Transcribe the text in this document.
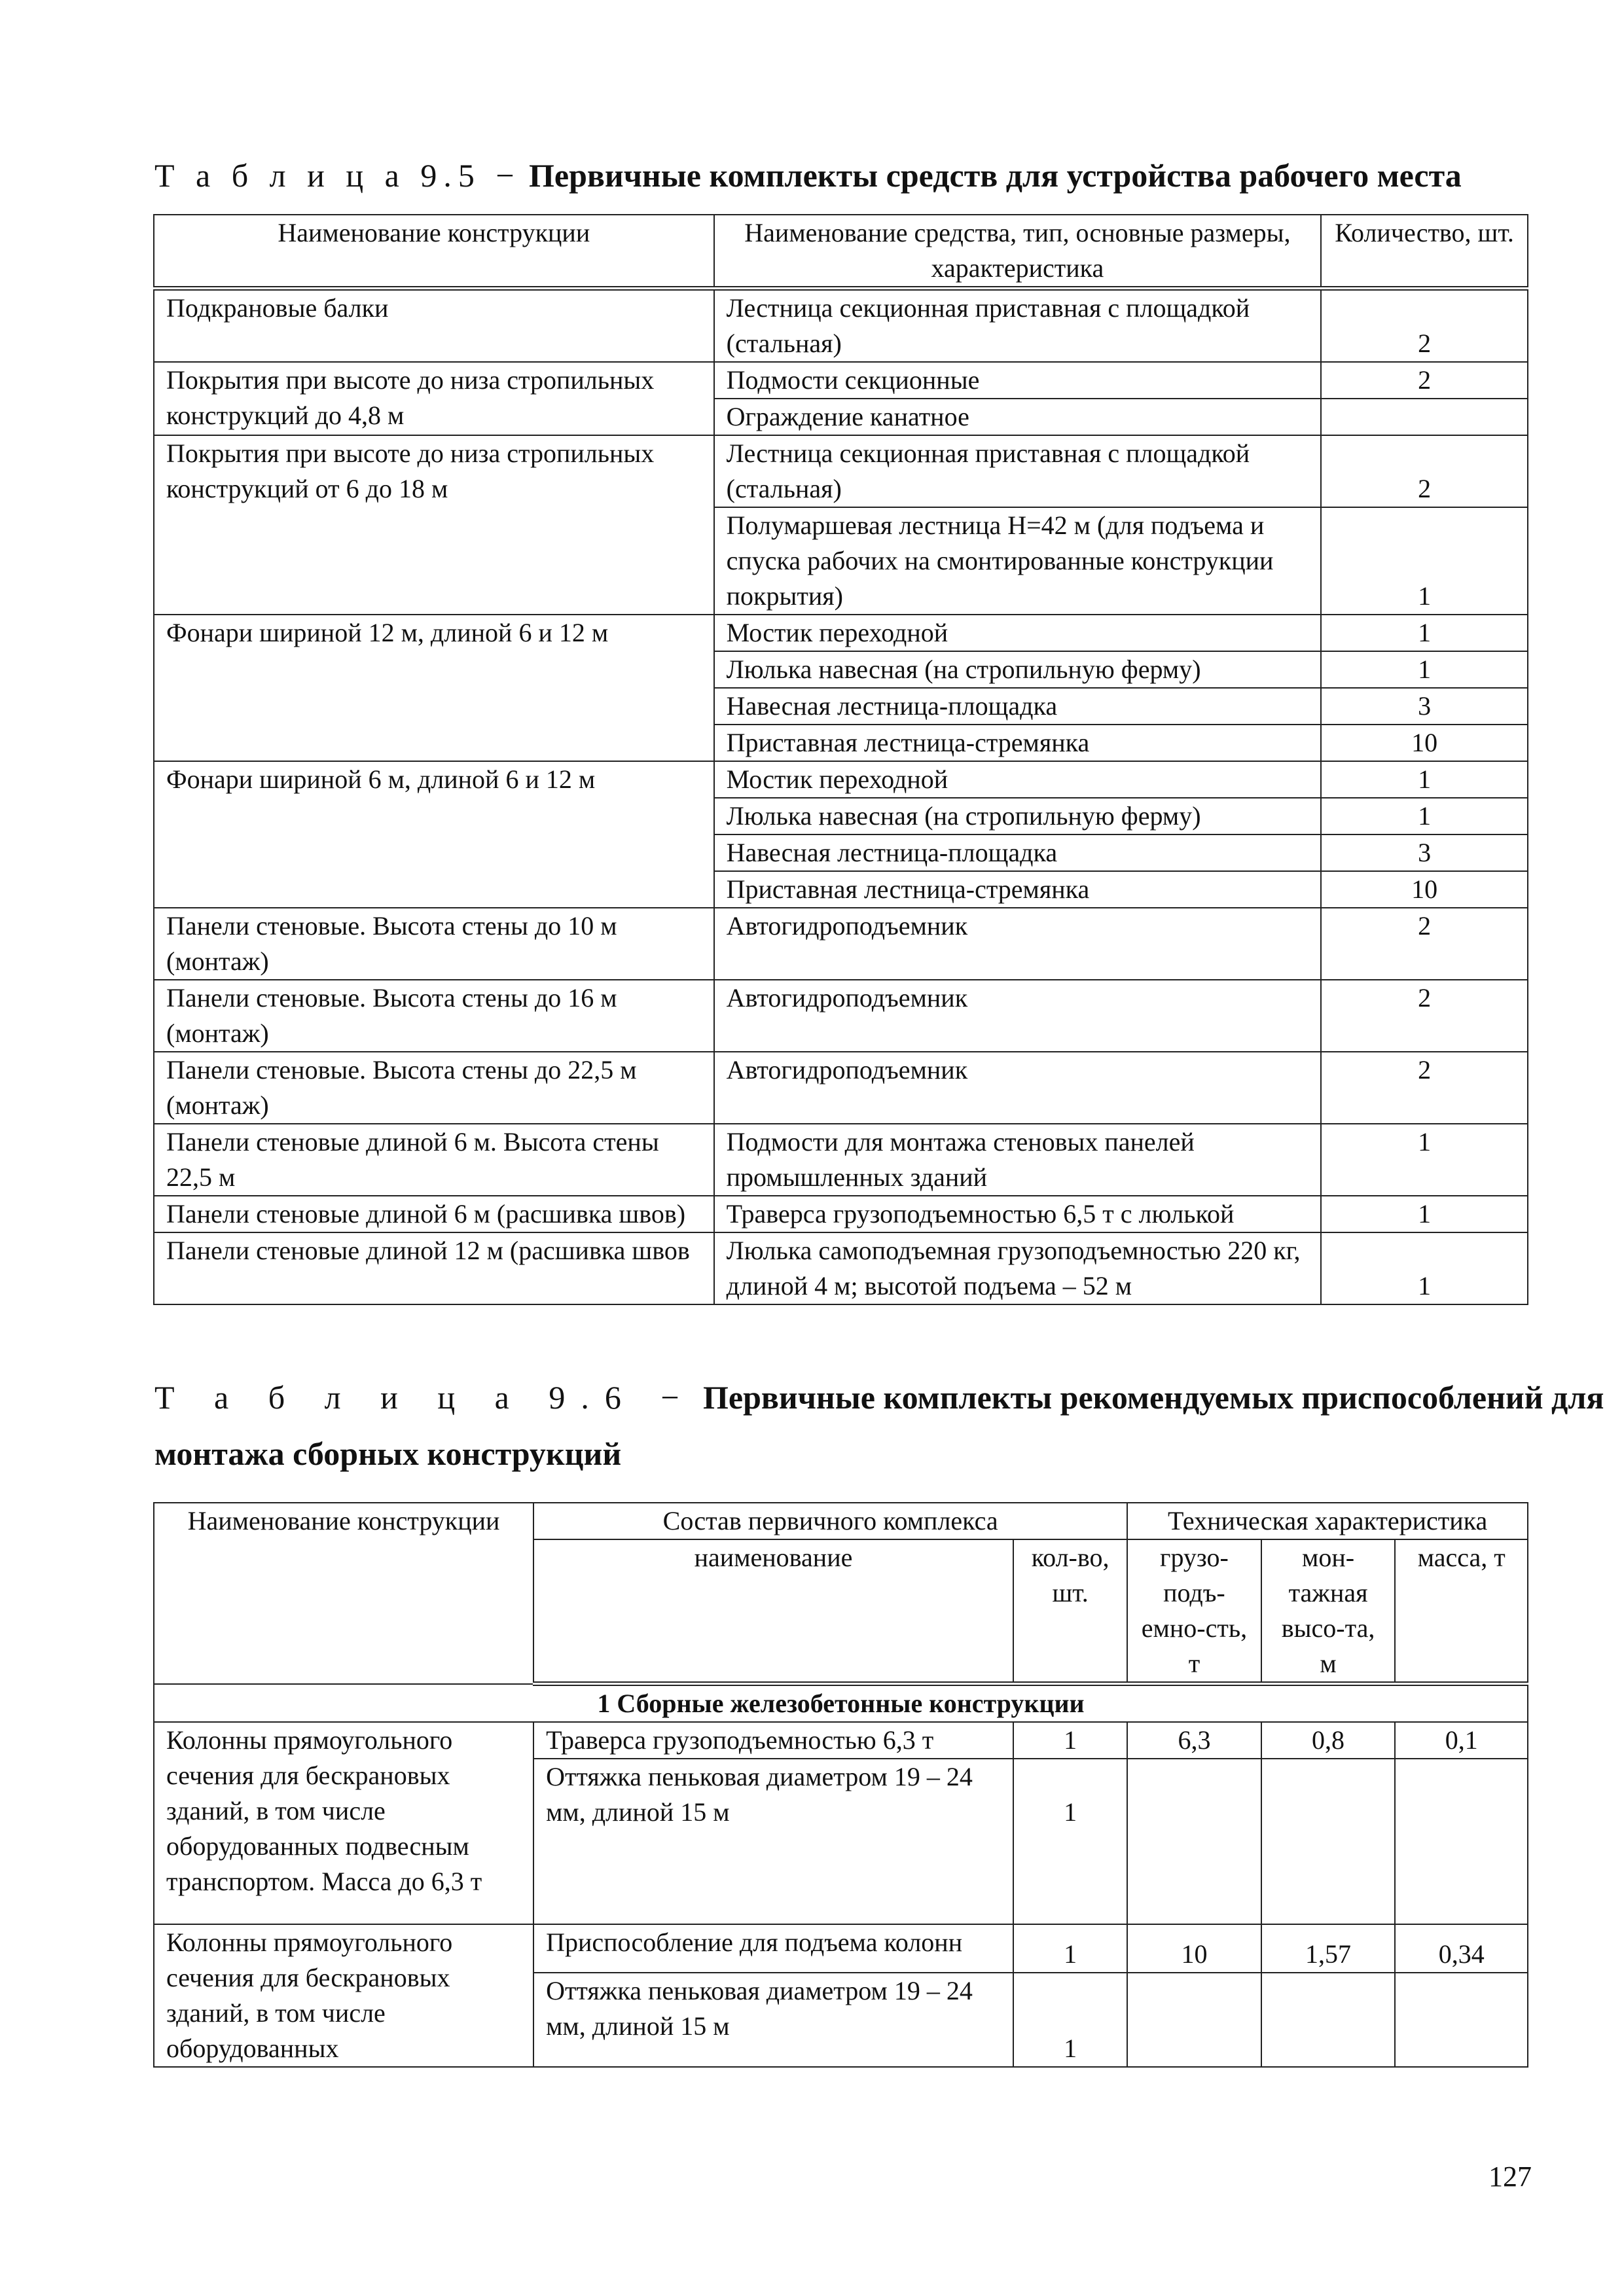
Т а б л и ц а 9.5 − Первичные комплекты средств для устройства рабочего места
Наименование конструкции	Наименование средства, тип, основные размеры, характеристика	Количество, шт.
Подкрановые балки	Лестница секционная приставная с площадкой (стальная)	2
Покрытия при высоте до низа стропильных конструкций до 4,8 м	Подмости секционные	2
	Ограждение канатное	
Покрытия при высоте до низа стропильных конструкций от 6 до 18 м	Лестница секционная приставная с площадкой (стальная)	2
	Полумаршевая лестница Н=42 м (для подъема и спуска рабочих на смонтированные конструкции покрытия)	1
Фонари шириной 12 м, длиной 6 и 12 м	Мостик переходной	1
	Люлька навесная (на стропильную ферму)	1
	Навесная лестница-площадка	3
	Приставная лестница-стремянка	10
Фонари шириной 6 м, длиной 6 и 12 м	Мостик переходной	1
	Люлька навесная (на стропильную ферму)	1
	Навесная лестница-площадка	3
	Приставная лестница-стремянка	10
Панели стеновые. Высота стены до 10 м (монтаж)	Автогидроподъемник	2
Панели стеновые. Высота стены до 16 м (монтаж)	Автогидроподъемник	2
Панели стеновые. Высота стены до 22,5 м (монтаж)	Автогидроподъемник	2
Панели стеновые длиной 6 м. Высота стены 22,5 м	Подмости для монтажа стеновых панелей промышленных зданий	1
Панели стеновые длиной 6 м (расшивка швов)	Траверса грузоподъемностью 6,5 т с люлькой	1
Панели стеновые длиной 12 м (расшивка швов	Люлька самоподъемная грузоподъемностью 220 кг, длиной 4 м; высотой подъема – 52 м	1
Т а б л и ц а 9.6 − Первичные комплекты рекомендуемых приспособлений для
монтажа сборных конструкций
Наименование конструкции	Состав первичного комплекса		Техническая характеристика		
	наименование	кол-во, шт.	грузо-подъ-емно-сть, т	мон-тажная высо-та, м	масса, т
1 Сборные железобетонные конструкции					
Колонны прямоугольного сечения для бескрановых зданий, в том числе оборудованных подвесным транспортом. Масса до 6,3 т	Траверса грузоподъемностью 6,3 т	1	6,3	0,8	0,1
	Оттяжка пеньковая диаметром 19 – 24 мм, длиной 15 м	1			
Колонны прямоугольного сечения для бескрановых зданий, в том числе оборудованных	Приспособление для подъема колонн	1	10	1,57	0,34
	Оттяжка пеньковая диаметром 19 – 24 мм, длиной 15 м	1			
127
